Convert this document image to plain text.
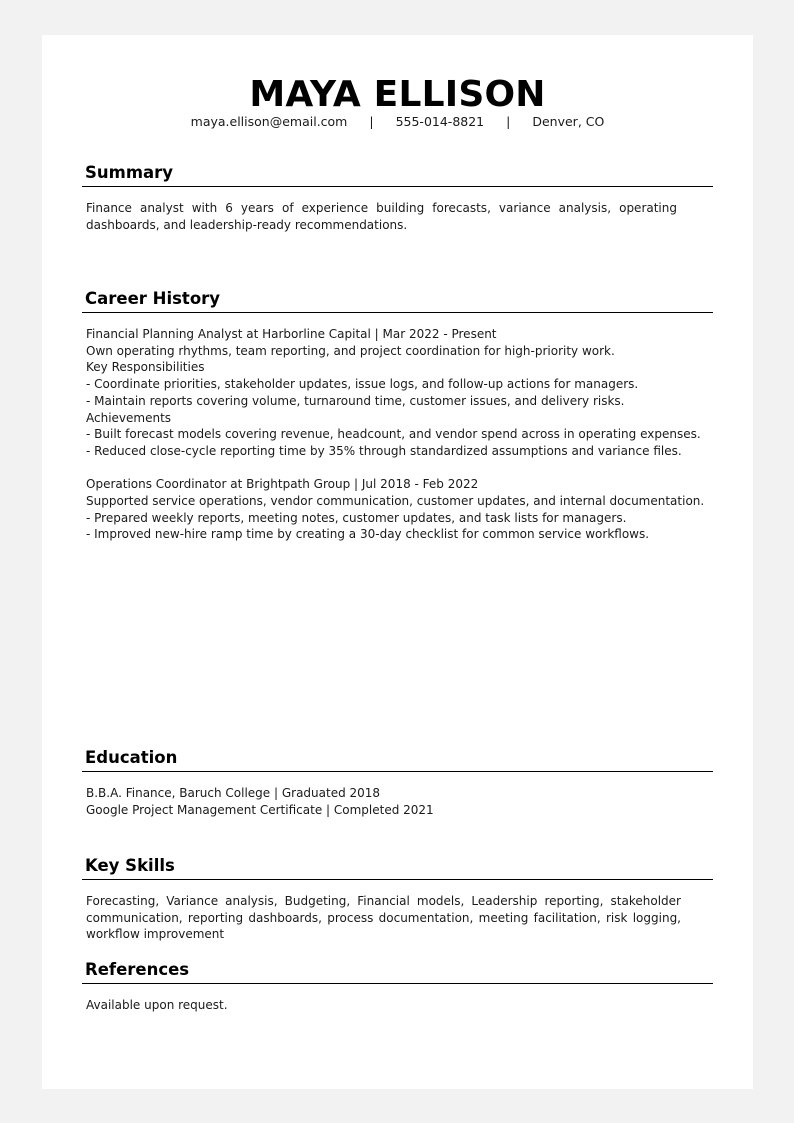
MAYA ELLISON
maya.ellison@email.com | 555-014-8821 | Denver, CO
Summary
Finance analyst with 6 years of experience building forecasts, variance analysis, operating dashboards, and leadership-ready recommendations.
Career History
Financial Planning Analyst at Harborline Capital | Mar 2022 - Present
Own operating rhythms, team reporting, and project coordination for high-priority work.
Key Responsibilities
- Coordinate priorities, stakeholder updates, issue logs, and follow-up actions for managers.
- Maintain reports covering volume, turnaround time, customer issues, and delivery risks.
Achievements
- Built forecast models covering revenue, headcount, and vendor spend across in operating expenses.
- Reduced close-cycle reporting time by 35% through standardized assumptions and variance files.
Operations Coordinator at Brightpath Group | Jul 2018 - Feb 2022
Supported service operations, vendor communication, customer updates, and internal documentation.
- Prepared weekly reports, meeting notes, customer updates, and task lists for managers.
- Improved new-hire ramp time by creating a 30-day checklist for common service workflows.
Education
B.B.A. Finance, Baruch College | Graduated 2018
Google Project Management Certificate | Completed 2021
Key Skills
Forecasting, Variance analysis, Budgeting, Financial models, Leadership reporting, stakeholder communication, reporting dashboards, process documentation, meeting facilitation, risk logging, workflow improvement
References
Available upon request.
